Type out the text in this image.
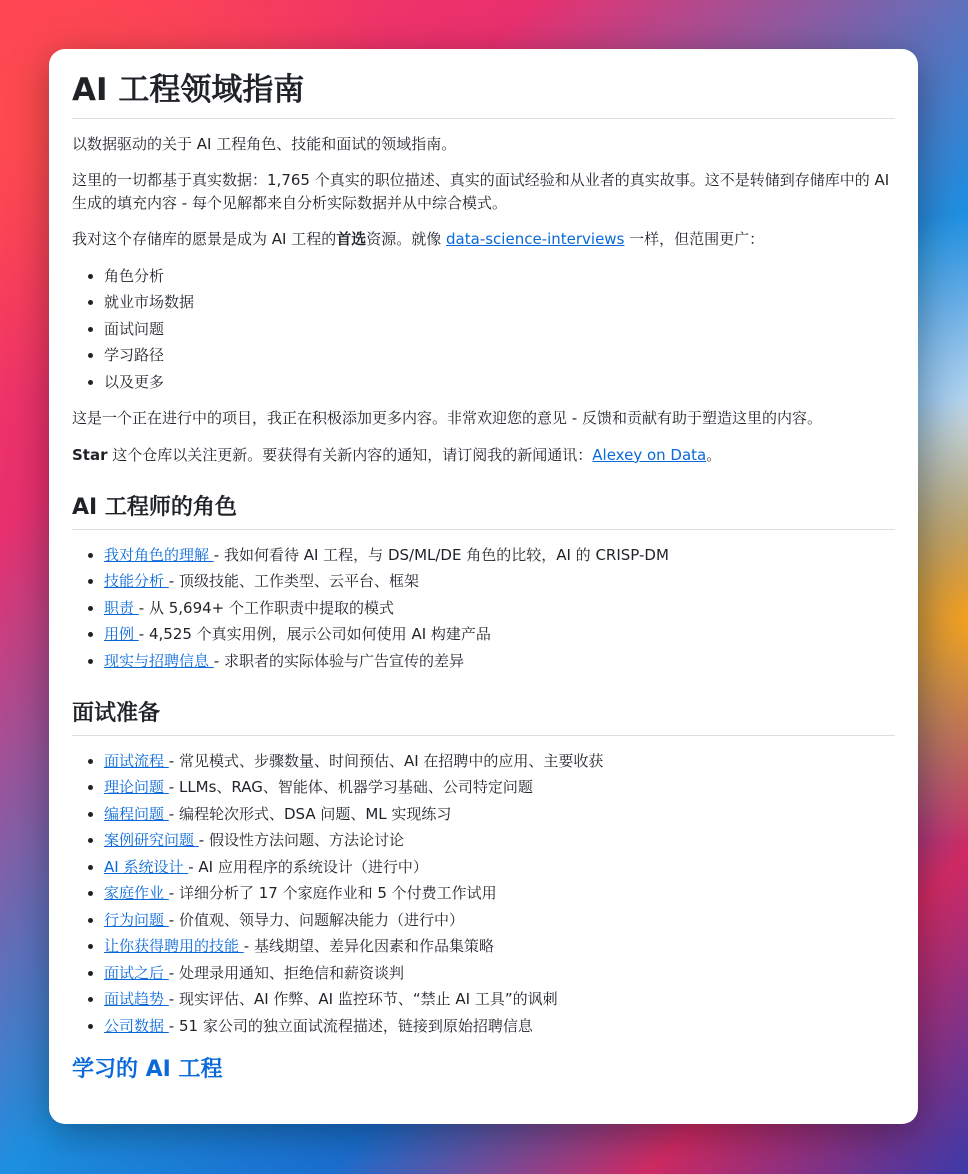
AI 工程领域指南

以数据驱动的关于 AI 工程角色、技能和面试的领域指南。

这里的一切都基于真实数据：1,765 个真实的职位描述、真实的面试经验和从业者的真实故事。这不是转储到存储库中的 AI 生成的填充内容 - 每个见解都来自分析实际数据并从中综合模式。

我对这个存储库的愿景是成为 AI 工程的首选资源。就像 data-science-interviews 一样，但范围更广：

• 角色分析
• 就业市场数据
• 面试问题
• 学习路径
• 以及更多

这是一个正在进行中的项目，我正在积极添加更多内容。非常欢迎您的意见 - 反馈和贡献有助于塑造这里的内容。

Star 这个仓库以关注更新。要获得有关新内容的通知，请订阅我的新闻通讯：Alexey on Data。

AI 工程师的角色
• 我对角色的理解 - 我如何看待 AI 工程，与 DS/ML/DE 角色的比较，AI 的 CRISP-DM
• 技能分析 - 顶级技能、工作类型、云平台、框架
• 职责 - 从 5,694+ 个工作职责中提取的模式
• 用例 - 4,525 个真实用例，展示公司如何使用 AI 构建产品
• 现实与招聘信息 - 求职者的实际体验与广告宣传的差异
面试准备
• 面试流程 - 常见模式、步骤数量、时间预估、AI 在招聘中的应用、主要收获
• 理论问题 - LLMs、RAG、智能体、机器学习基础、公司特定问题
• 编程问题 - 编程轮次形式、DSA 问题、ML 实现练习
• 案例研究问题 - 假设性方法问题、方法论讨论
• AI 系统设计 - AI 应用程序的系统设计（进行中）
• 家庭作业 - 详细分析了 17 个家庭作业和 5 个付费工作试用
• 行为问题 - 价值观、领导力、问题解决能力（进行中）
• 让你获得聘用的技能 - 基线期望、差异化因素和作品集策略
• 面试之后 - 处理录用通知、拒绝信和薪资谈判
• 面试趋势 - 现实评估、AI 作弊、AI 监控环节、“禁止 AI 工具”的讽刺
• 公司数据 - 51 家公司的独立面试流程描述，链接到原始招聘信息
学习的 AI 工程
